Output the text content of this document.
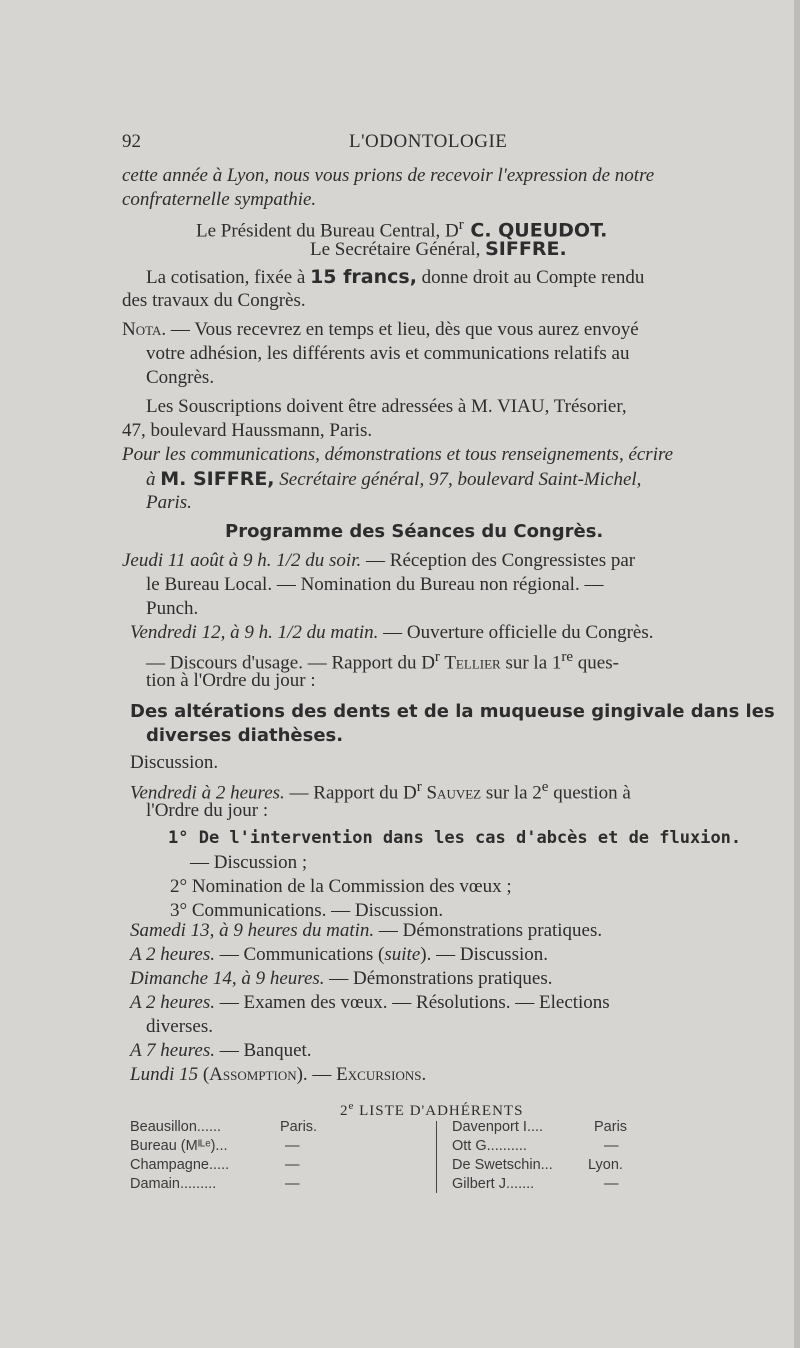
92	L'ODONTOLOGIE
cette année à Lyon, nous vous prions de recevoir l'expression de notre
confraternelle sympathie.
Le Président du Bureau Central, $D^r$ C. QUEUDOT.
Le Secrétaire Général, SIFFRE.
La cotisation, fixée à 15 francs, donne droit au Compte rendu
des travaux du Congrès.
Nota. — Vous recevrez en temps et lieu, dès que vous aurez envoyé
votre adhésion, les différents avis et communications relatifs au
Congrès.
Les Souscriptions doivent être adressées à M. VIAU, Trésorier,
47, boulevard Haussmann, Paris.
Pour les communications, démonstrations et tous renseignements, écrire
à M. SIFFRE, Secrétaire général, 97, boulevard Saint-Michel,
Paris.
Programme des Séances du Congrès.
Jeudi 11 août à 9 h. 1/2 du soir. — Réception des Congressistes par
le Bureau Local. — Nomination du Bureau non régional. —
Punch.
Vendredi 12, à 9 h. 1/2 du matin. — Ouverture officielle du Congrès.
— Discours d'usage. — Rapport du $D^r$ Tellier sur la 1re ques-
tion à l'Ordre du jour :
Des altérations des dents et de la muqueuse gingivale dans les
diverses diathèses.
Discussion.
Vendredi à 2 heures. — Rapport du $D^r$ Sauvez sur la 2e question à
l'Ordre du jour :
1° De l'intervention dans les cas d'abcès et de fluxion.
— Discussion ;
2° Nomination de la Commission des vœux ;
3° Communications. — Discussion.
Samedi 13, à 9 heures du matin. — Démonstrations pratiques.
A 2 heures. — Communications (suite). — Discussion.
Dimanche 14, à 9 heures. — Démonstrations pratiques.
A 2 heures. — Examen des vœux. — Résolutions. — Elections
diverses.
A 7 heures. — Banquet.
Lundi 15 (Assomption). — Excursions.
2e LISTE D'ADHÉRENTS
Beausillon......	Paris.
Bureau (Mᴵᴸᵉ)...	—
Champagne.....	—
Damain.........	—
Davenport I....	Paris
Ott G..........	—
De Swetschin... Lyon.
Gilbert J.......	—
